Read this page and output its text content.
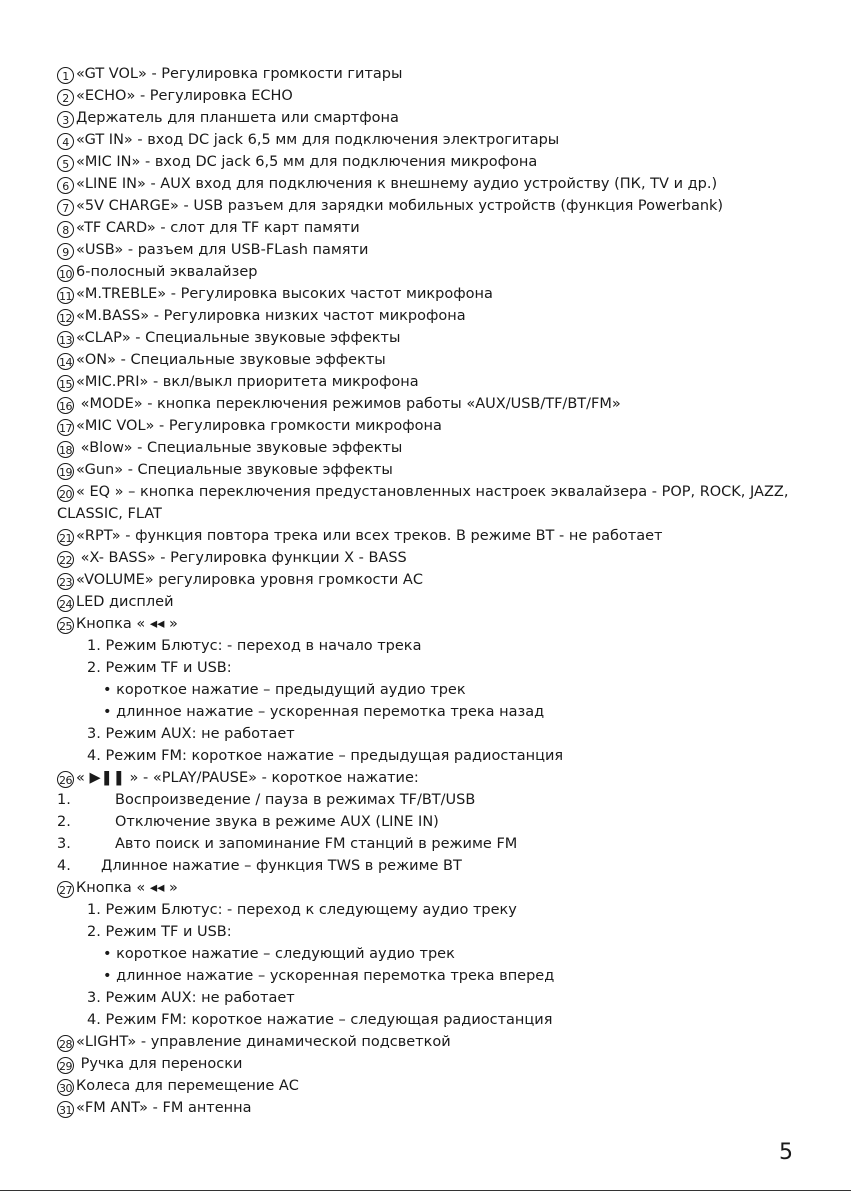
1 «GT VOL» - Регулировка громкости гитары
2 «ECHO» - Регулировка ECHO
3 Держатель для планшета или смартфона
4 «GT IN» - вход DC jack 6,5 мм для подключения электрогитары
5 «MIC IN» - вход DC jack 6,5 мм для подключения микрофона
6 «LINE IN» - AUX вход для подключения к внешнему аудио устройству (ПК, TV и др.)
7 «5V CHARGE» - USB разъем для зарядки мобильных устройств (функция Powerbank)
8 «TF CARD» - слот для TF карт памяти
9 «USB» - разъем для USB-FLash памяти
10 6-полосный эквалайзер
11 «M.TREBLE» - Регулировка высоких частот микрофона
12 «M.BASS» - Регулировка низких частот микрофона
13 «CLAP» - Специальные звуковые эффекты
14 «ON» - Специальные звуковые эффекты
15 «MIC.PRI» - вкл/выкл приоритета микрофона
16 «MODE» - кнопка переключения режимов работы «AUX/USB/TF/BT/FM»
17 «MIC VOL» - Регулировка громкости микрофона
18 «Blow» - Специальные звуковые эффекты
19 «Gun» - Специальные звуковые эффекты
20 « EQ » – кнопка переключения предустановленных настроек эквалайзера - POP, ROCK, JAZZ, CLASSIC, FLAT
21 «RPT» - функция повтора трека или всех треков. В режиме BT - не работает
22 «X- BASS» - Регулировка функции X - BASS
23 «VOLUME» регулировка уровня громкости АС
24 LED дисплей
25 Кнопка « ◂◂ »
1. Режим Блютус: - переход в начало трека
2. Режим TF и USB:
• короткое нажатие – предыдущий аудио трек
• длинное нажатие – ускоренная перемотка трека назад
3. Режим AUX: не работает
4. Режим FM: короткое нажатие – предыдущая радиостанция
26 « ▶❚❚ » - «PLAY/PAUSE» - короткое нажатие:
1.	Воспроизведение / пауза в режимах TF/BT/USB
2.	Отключение звука в режиме AUX (LINE IN)
3.	Авто поиск и запоминание FM станций в режиме FM
4. Длинное нажатие – функция TWS в режиме BT
27 Кнопка « ◂◂ »
1. Режим Блютус: - переход к следующему аудио треку
2. Режим TF и USB:
• короткое нажатие – следующий аудио трек
• длинное нажатие – ускоренная перемотка трека вперед
3. Режим AUX: не работает
4. Режим FM: короткое нажатие – следующая радиостанция
28 «LIGHT» - управление динамической подсветкой
29 Ручка для переноски
30 Колеса для перемещение АС
31 «FM ANT» - FM антенна
5
